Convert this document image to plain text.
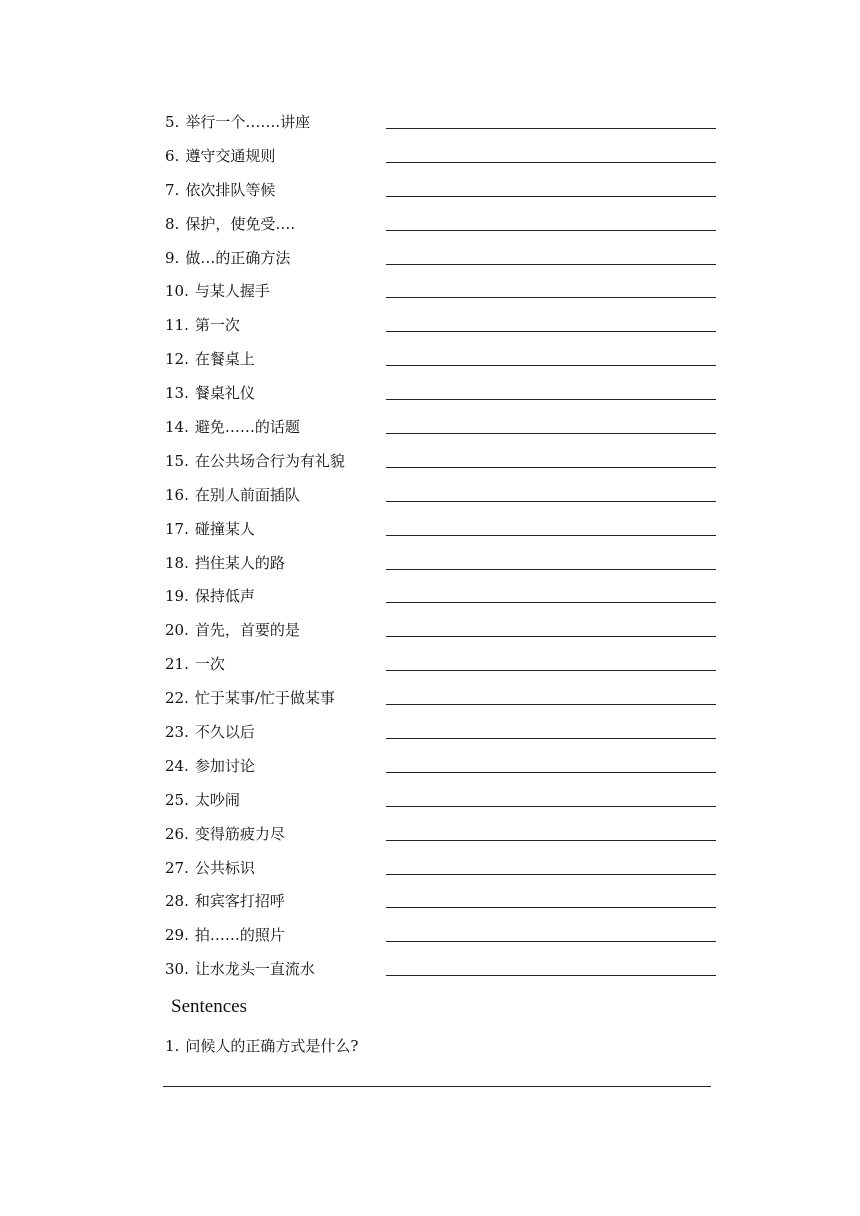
5. 举行一个…….讲座
6. 遵守交通规则
7. 依次排队等候
8. 保护，使免受….
9. 做…的正确方法
10. 与某人握手
11. 第一次
12. 在餐桌上
13. 餐桌礼仪
14. 避免……的话题
15. 在公共场合行为有礼貌
16. 在别人前面插队
17. 碰撞某人
18. 挡住某人的路
19. 保持低声
20. 首先，首要的是
21. 一次
22. 忙于某事/忙于做某事
23. 不久以后
24. 参加讨论
25. 太吵闹
26. 变得筋疲力尽
27. 公共标识
28. 和宾客打招呼
29. 拍……的照片
30. 让水龙头一直流水
Sentences
1. 问候人的正确方式是什么?
